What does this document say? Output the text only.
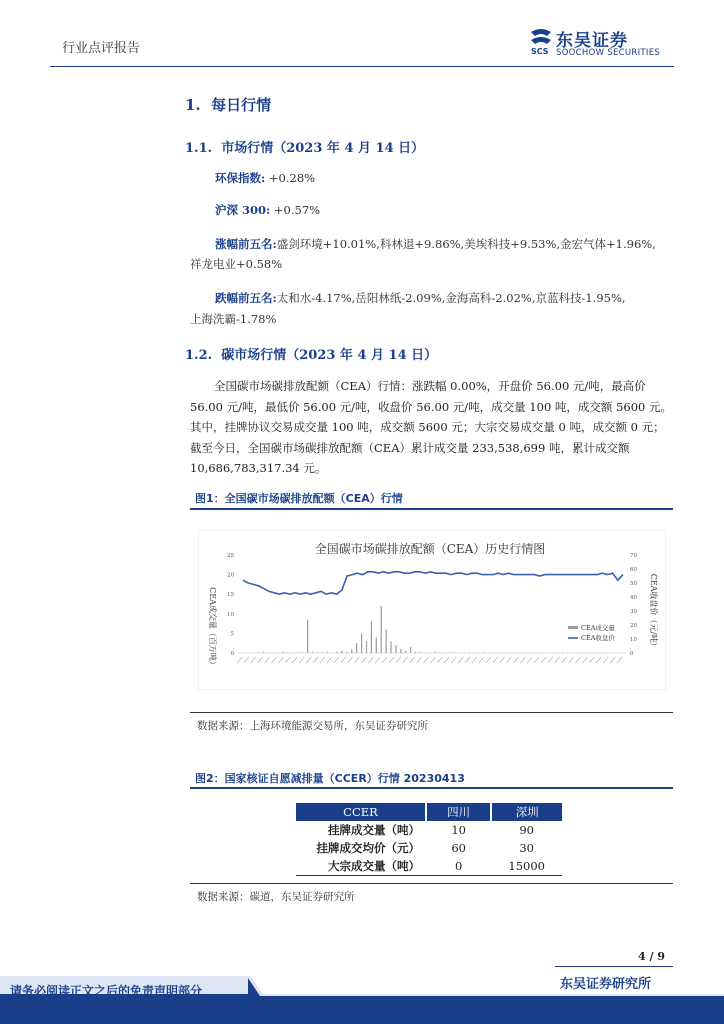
行业点评报告	SCS
东吴证券
SOOCHOW SECURITIES
1. 每日行情
1.1. 市场行情（2023 年 4 月 14 日）
环保指数: +0.28%
沪深 300: +0.57%
涨幅前五名:盛剑环境+10.01%,科林退+9.86%,美埃科技+9.53%,金宏气体+1.96%,
祥龙电业+0.58%
跌幅前五名:太和水-4.17%,岳阳林纸-2.09%,金海高科-2.02%,京蓝科技-1.95%,
上海洗霸-1.78%
1.2. 碳市场行情（2023 年 4 月 14 日）
全国碳市场碳排放配额（CEA）行情：涨跌幅 0.00%，开盘价 56.00 元/吨，最高价 56.00 元/吨，最低价 56.00 元/吨，收盘价 56.00 元/吨，成交量 100 吨，成交额 5600 元。其中，挂牌协议交易成交量 100 吨，成交额 5600 元；大宗交易成交量 0 吨，成交额 0 元；截至今日，全国碳市场碳排放配额（CEA）累计成交量 233,538,699 吨，累计成交额 10,686,783,317.34 元。
图1：全国碳市场碳排放配额（CEA）行情
全国碳市场碳排放配额（CEA）历史行情图
0
5
10
15
20
25
0
10
20
30
40
50
60
70
CEA成交量（百万吨）	CEA收盘价（元/吨）
CEA成交量
CEA收盘价
数据来源：上海环境能源交易所，东吴证券研究所
图2：国家核证自愿减排量（CCER）行情 20230413
CCER	四川	深圳
挂牌成交量（吨）	10	90
挂牌成交均价（元）	60	30
大宗成交量（吨）	0	15000
数据来源：碳道，东吴证券研究所
4 / 9
东吴证券研究所
请务必阅读正文之后的免责声明部分
